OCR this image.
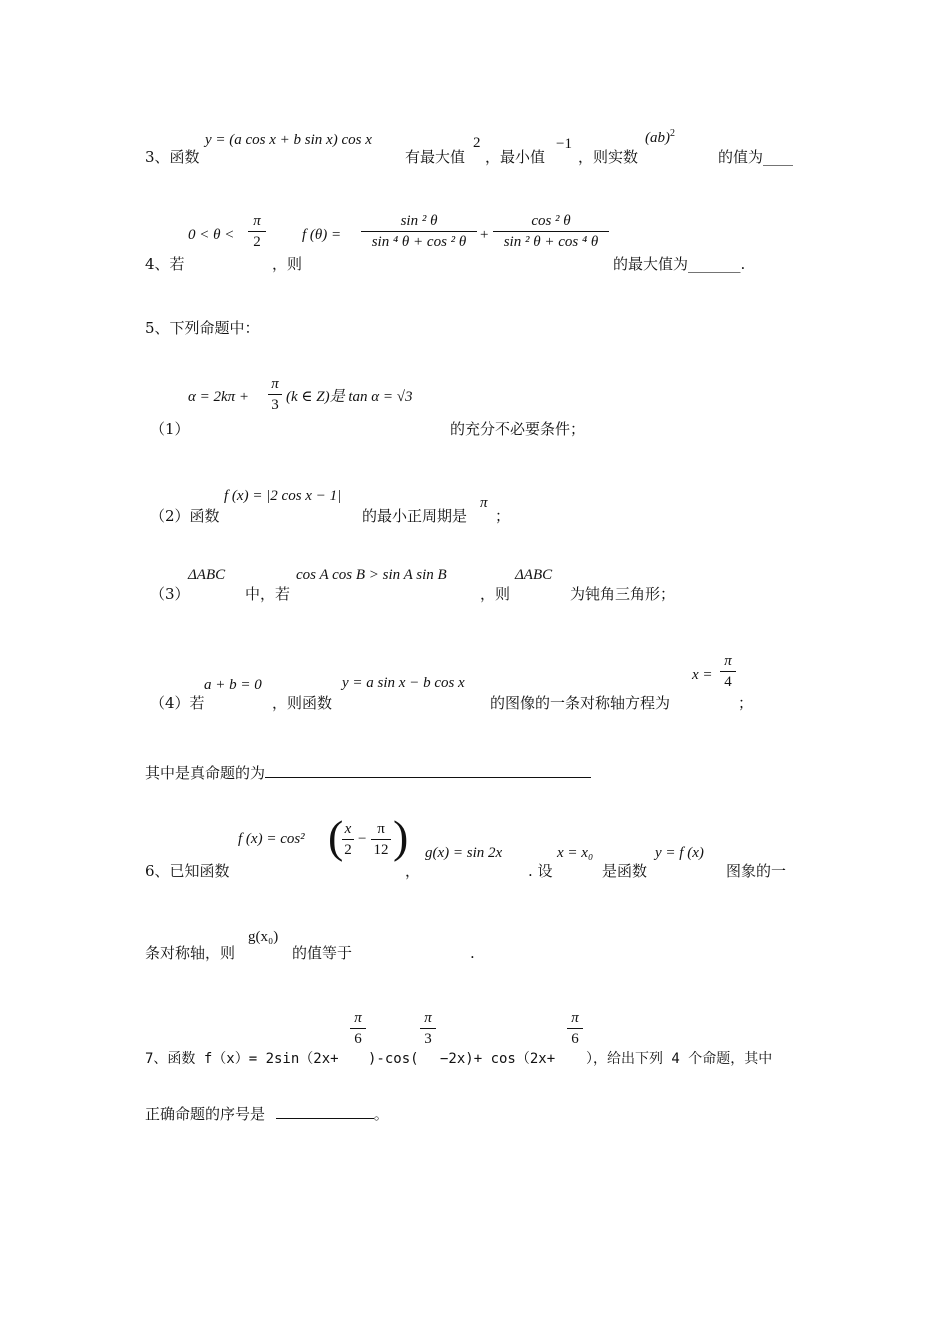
3、函数
y = (a cos x + b sin x) cos x
有最大值
2
，最小值
−1
，则实数
(ab)$^2$
的值为____
4、若
0 < θ <
π
2
，则
f (θ) =
sin ² θ
sin ⁴ θ + cos ² θ +
cos ² θ
sin ² θ + cos ⁴ θ
的最大值为_______.
5、下列命题中：
（1）
α = 2kπ +
π
3 (k ∈ Z)是 tan α = √3
的充分不必要条件；
（2）函数
f (x) = |2 cos x − 1|
的最小正周期是
π
；
（3）
ΔABC
中，若
cos A cos B > sin A sin B
，则
ΔABC
为钝角三角形；
（4）若
a + b = 0
，则函数
y = a sin x − b cos x
的图像的一条对称轴方程为
x =
π
4
；
其中是真命题的为
6、已知函数
f (x) = cos² ( x
2
−
π
12 )
，
g(x) = sin 2x
. 设
x = x₀
是函数
y = f (x)
图象的一
条对称轴，则
g(x₀)
的值等于	.
π
6
π
3
π
6
7、函数 f（x）= 2sin（2x+ )-cos( −2x)+ cos（2x+ ），给出下列 4 个命题，其中
正确命题的序号是	。
